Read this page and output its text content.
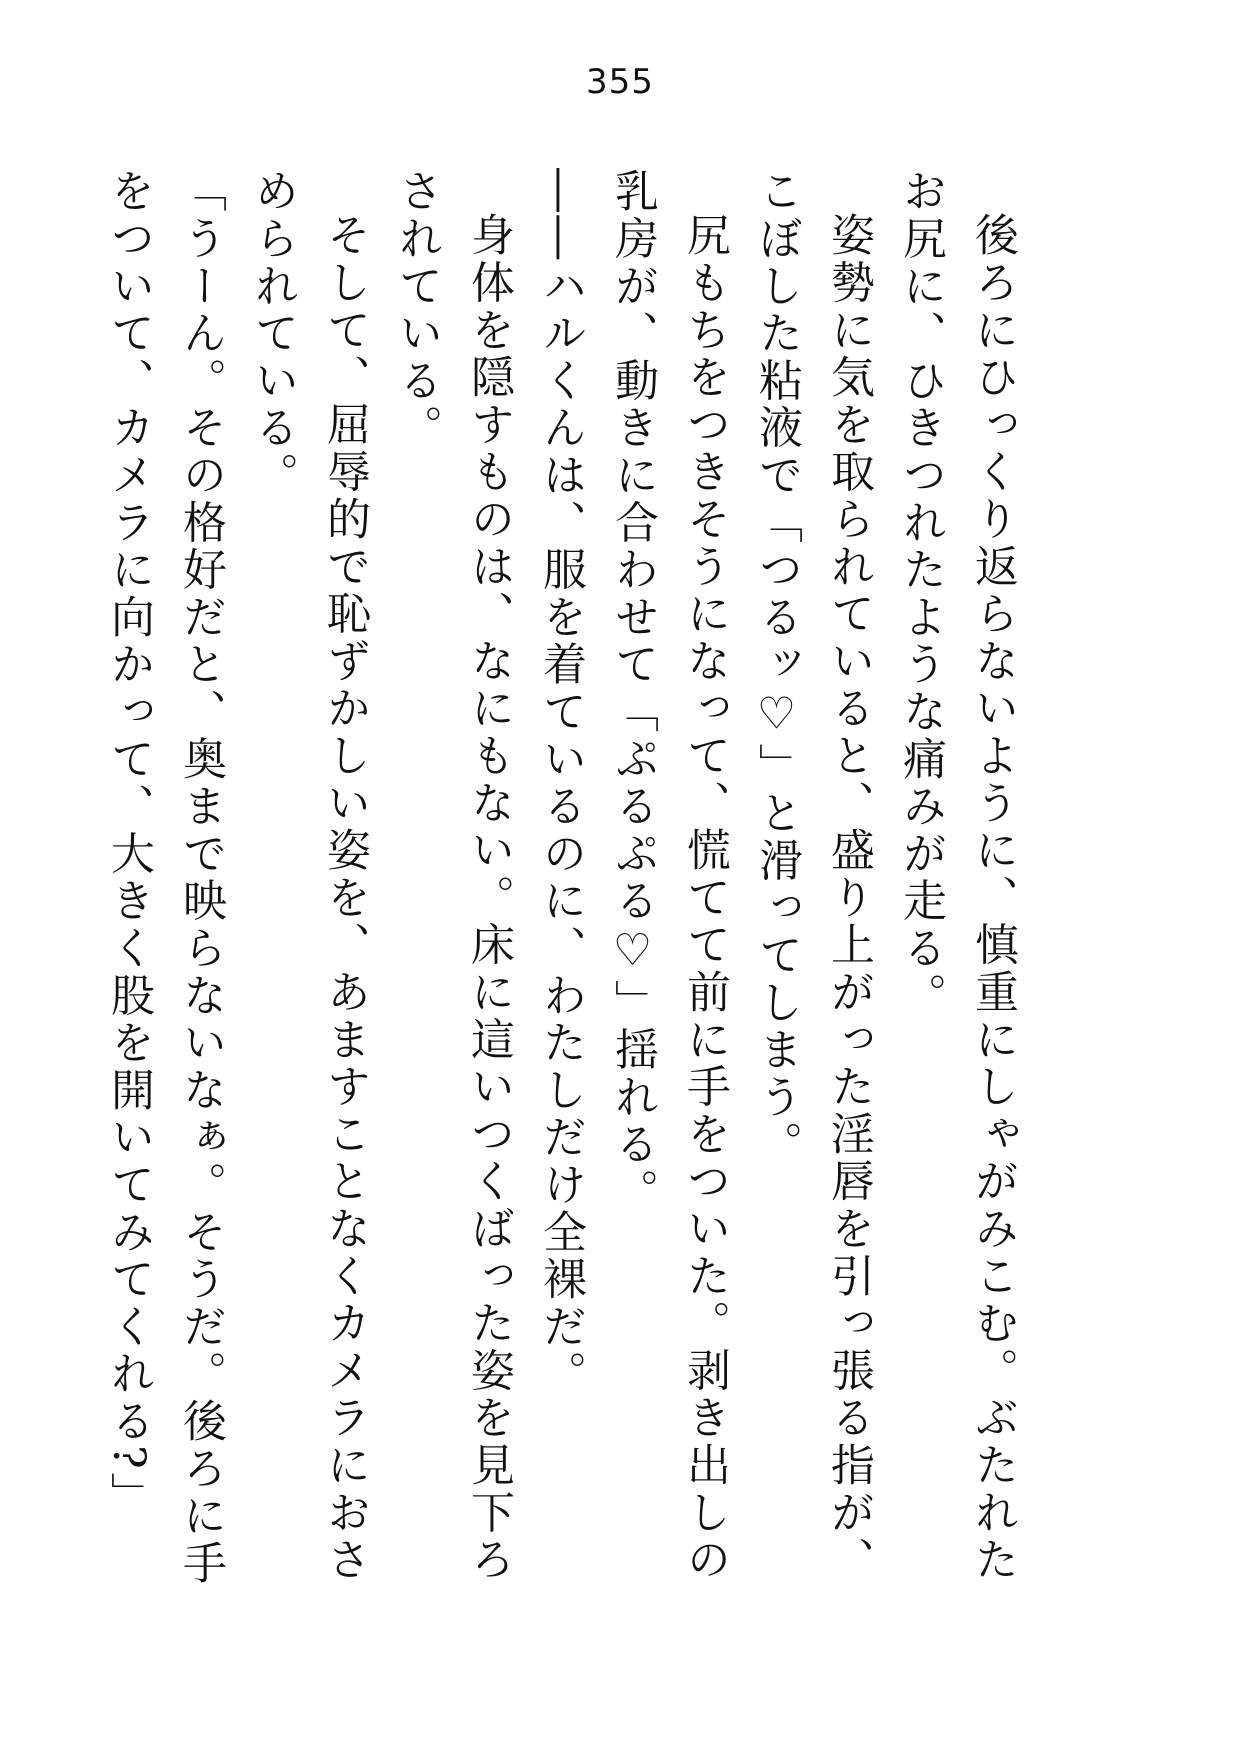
355

後ろにひっくり返らないように、慎重にしゃがみこむ。ぶたれたお尻に、ひきつれたような痛みが走る。

姿勢に気を取られていると、盛り上がった淫唇を引っ張る指が、こぼした粘液で「つるッ♡」と滑ってしまう。

尻もちをつきそうになって、慌てて前に手をついた。剥き出しの乳房が、動きに合わせて「ぷるぷる♡」揺れる。

――ハルくんは、服を着ているのに、わたしだけ全裸だ。

身体を隠すものは、なにもない。床に這いつくばった姿を見下ろされている。

そして、屈辱的で恥ずかしい姿を、あますことなくカメラにおさめられている。

「うーん。その格好だと、奥まで映らないなぁ。そうだ。後ろに手をついて、カメラに向かって、大きく股を開いてみてくれる?」
